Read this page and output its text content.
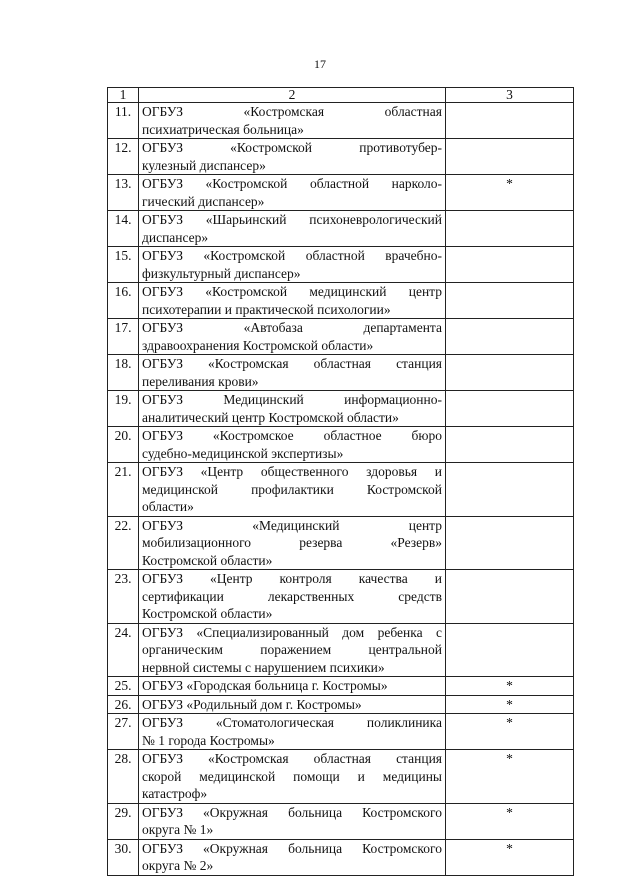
17
1	2	3
11.	ОГБУЗ «Костромская областная
психиатрическая больница»	

12.	ОГБУЗ «Костромской противотубер-
кулезный диспансер»	

13.	ОГБУЗ «Костромской областной нарколо-
гический диспансер»	*
14.	ОГБУЗ «Шарьинский психоневрологический
диспансер»	

15.	ОГБУЗ «Костромской областной врачебно-
физкультурный диспансер»	

16.	ОГБУЗ «Костромской медицинский центр
психотерапии и практической психологии»	

17.	ОГБУЗ «Автобаза департамента
здравоохранения Костромской области»	

18.	ОГБУЗ «Костромская областная станция
переливания крови»	

19.	ОГБУЗ Медицинский информационно-
аналитический центр Костромской области»	

20.	ОГБУЗ «Костромское областное бюро
судебно-медицинской экспертизы»	

21.	ОГБУЗ «Центр общественного здоровья и
медицинской профилактики Костромской
области»	

22.	ОГБУЗ «Медицинский центр
мобилизационного резерва «Резерв»
Костромской области»	

23.	ОГБУЗ «Центр контроля качества и
сертификации лекарственных средств
Костромской области»	

24.	ОГБУЗ «Специализированный дом ребенка с
органическим поражением центральной
нервной системы с нарушением психики»	

25.	ОГБУЗ «Городская больница г. Костромы»	*
26.	ОГБУЗ «Родильный дом г. Костромы»	*
27.	ОГБУЗ «Стоматологическая поликлиника
№ 1 города Костромы»	*
28.	ОГБУЗ «Костромская областная станция
скорой медицинской помощи и медицины
катастроф»	*
29.	ОГБУЗ «Окружная больница Костромского
округа № 1»	*
30.	ОГБУЗ «Окружная больница Костромского
округа № 2»	*
